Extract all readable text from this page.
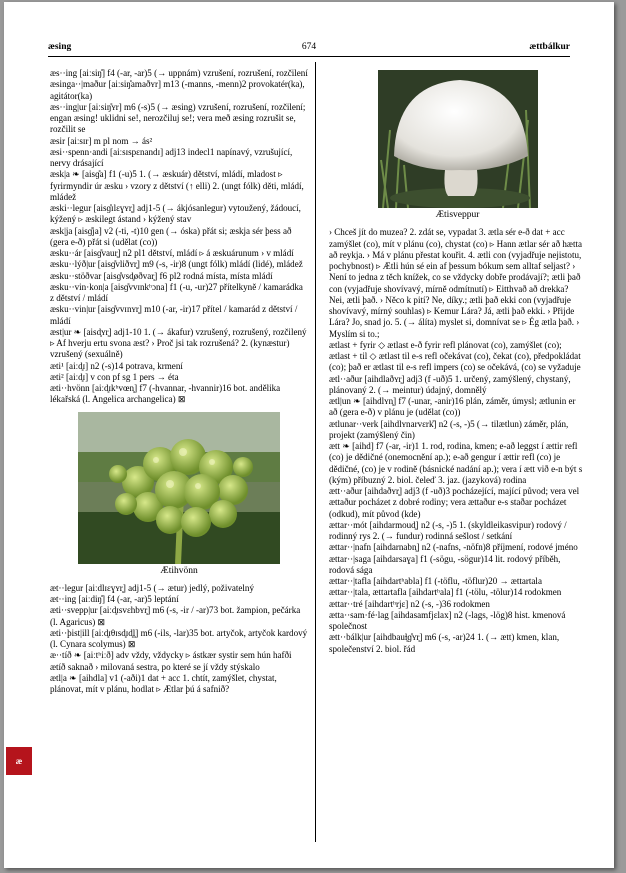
æsing	674	ættbálkur
æs··ing [aiːsiŋ̊] f4 (-ar, -ar)5 (→ uppnám) vzrušení, rozrušení, rozčilení
æsinga··|maður [aiːsiŋ̊amaðʏr] m13 (-manns, -menn)2 provokatér(ka), agitátor(ka)
æs··ing|ur [aiːsiŋ̊ʏr] m6 (-s)5 (→ æsing) vzrušení, rozrušení, rozčilení; engan æsing! uklidni se!, nerozčiluj se!; vera með æsing rozrušit se, rozčilit se
æsir [aiːsɪr] m pl nom → ás²
æsi··spenn·andi [aiːsɪspɛnandɪ] adj13 indecl1 napínavý, vzrušující, nervy drásající
æsk|a ❧ [aisɡ̊a] f1 (-u)5 1. (→ æskuár) dětství, mládí, mladost ▹ fyrirmyndir úr æsku › vzory z dětství (↑ elli) 2. (ungt fólk) děti, mládí, mládež
æski··legur [aisɡ̊ɪlɛɣʏr̥] adj1-5 (→ ákjósanlegur) vytoužený, žádoucí, kýžený ▹ æskilegt ástand › kýžený stav
æsk|ja [aisɡ̊ja] v2 (-ti, -t)10 gen (→ óska) přát si; æskja sér þess að (gera e-ð) přát si (udělat (co))
æsku··ár [aisɡ̊vaur̥] n2 pl1 dětství, mládí ▹ á æskuárunum › v mládí
æsku··lýð|ur [aisɡ̊vliðʏr̥] m9 (-s, -ir)8 (ungt fólk) mládí (lidé), mládež
æsku··stöðvar [aisɡ̊vsd̥øðvar̥] f6 pl2 rodná místa, místa mládí
æsku··vin·kon|a [aisɡ̊vvɪnkʰɔna] f1 (-u, -ur)27 přítelkyně / kamarádka z dětství / mládí
æsku··vin|ur [aisɡ̊vvɪnʏr̥] m10 (-ar, -ir)17 přítel / kamarád z dětství / mládí
æst|ur ❧ [aisd̥ʏr̥] adj1-10 1. (→ ákafur) vzrušený, rozrušený, rozčilený ▹ Af hverju ertu svona æst? › Proč jsi tak rozrušená? 2. (kynæstur) vzrušený (sexuálně)
æti¹ [aiːd̥ɪ] n2 (-s)14 potrava, krmení
æti² [aiːd̥ɪ] v con pf sg 1 pers → éta
æti··hvönn [aiːd̥ɪkʰvœn̥] f7 (-hvannar, -hvannir)16 bot. andělika lékařská (l. Angelica archangelica) ⊠
Ætihvönn
æt··legur [aiːdlɪɛɣʏr̥] adj1-5 (→ ætur) jedlý, poživatelný
æt··ing [aiːdiŋ̊] f4 (-ar, -ar)5 leptání
æti··svepp|ur [aiːd̥ɪsvɛhbʏr̥] m6 (-s, -ir / -ar)73 bot. žampion, pečárka (l. Agaricus) ⊠
æti··þist|ill [aiːd̥ɪθɪsd̥ɪd̥l̥] m6 (-ils, -lar)35 bot. artyčok, artyčok kardový (l. Cynara scolymus) ⊠
æ··tíð ❧ [aiːtʰiːð] adv vždy, vždycky ▹ ástkær systir sem hún hafði ætíð saknað › milovaná sestra, po které se jí vždy stýskalo
ætl|a ❧ [aihdla] v1 (-aði)1 dat + acc 1. chtít, zamýšlet, chystat, plánovat, mít v plánu, hodlat ▹ Ætlar þú á safnið?
Ætisveppur
› Chceš jít do muzea? 2. zdát se, vypadat 3. ætla sér e-ð dat + acc zamýšlet (co), mít v plánu (co), chystat (co) ▹ Hann ætlar sér að hætta að reykja. › Má v plánu přestat kouřit. 4. ætli con (vyjadřuje nejistotu, pochybnost) ▹ Ætli hún sé ein af þessum bókum sem alltaf seljast? › Není to jedna z těch knížek, co se vždycky dobře prodávají?; ætli það con (vyjadřuje shovívavý, mírně odmítnutí) ▹ Eitthvað að drekka? Nei, ætli það. › Něco k pití? Ne, díky.; ætli það ekki con (vyjadřuje shovívavý, mírný souhlas) ▹ Kemur Lára? Já, ætli það ekki. › Přijde Lára? Jo, snad jo. 5. (→ álíta) myslet si, domnívat se ▹ Ég ætla það. › Myslím si to.;
ætlast + fyrir ◇ ætlast e-ð fyrir refl plánovat (co), zamýšlet (co);
ætlast + til ◇ ætlast til e-s refl očekávat (co), čekat (co), předpokládat (co); það er ætlast til e-s refl impers (co) se očekává, (co) se vyžaduje
ætl··aður [aihdlaðʏr̥] adj3 (f -uð)5 1. určený, zamýšlený, chystaný, plánovaný 2. (→ meintur) údajný, domnělý
ætl|un ❧ [aihdlʏn̥] f7 (-unar, -anir)16 plán, záměr, úmysl; ætlunin er að (gera e-ð) v plánu je (udělat (co))
ætlunar··verk [aihdlʏnarvɛrk̊] n2 (-s, -)5 (→ tilætlun) záměr, plán, projekt (zamýšlený čin)
ætt ❧ [aihd] f7 (-ar, -ir)1 1. rod, rodina, kmen; e-að leggst í ættir refl (co) je dědičné (onemocnění ap.); e-að gengur í ættir refl (co) je dědičné, (co) je v rodině (básnické nadání ap.); vera í ætt við e-n být s (kým) příbuzný 2. biol. čeleď 3. jaz. (jazyková) rodina
ætt··aður [aihdaðʏr̥] adj3 (f -uð)3 pocházející, mající původ; vera vel ættaður pocházet z dobré rodiny; vera ættaður e-s staðar pocházet (odkud), mít původ (kde)
ættar··mót [aihdarmoud̥] n2 (-s, -)5 1. (skyldleikasvipur) rodový / rodinný rys 2. (→ fundur) rodinná sešlost / setkání
ættar··|nafn [aihdarnabn̥] n2 (-nafns, -nöfn)8 příjmení, rodové jméno
ættar··|saga [aihdarsaɣa] f1 (-sögu, -sögur)14 lit. rodový příběh, rodová sága
ættar··|tafla [aihdartʰabla] f1 (-töflu, -töflur)20 → ættartala
ættar··|tala, ættartafla [aihdartʰala] f1 (-tölu, -tölur)14 rodokmen
ættar··tré [aihdartʰrjɛ] n2 (-s, -)36 rodokmen
ætta··sam·fé·lag [aihdasamfjɛlax] n2 (-lags, -lög)8 hist. kmenová společnost
ætt··bálk|ur [aihdbauɫ̥ɡ̊ʏr̥] m6 (-s, -ar)24 1. (→ ætt) kmen, klan, společenství 2. biol. řád
æ
